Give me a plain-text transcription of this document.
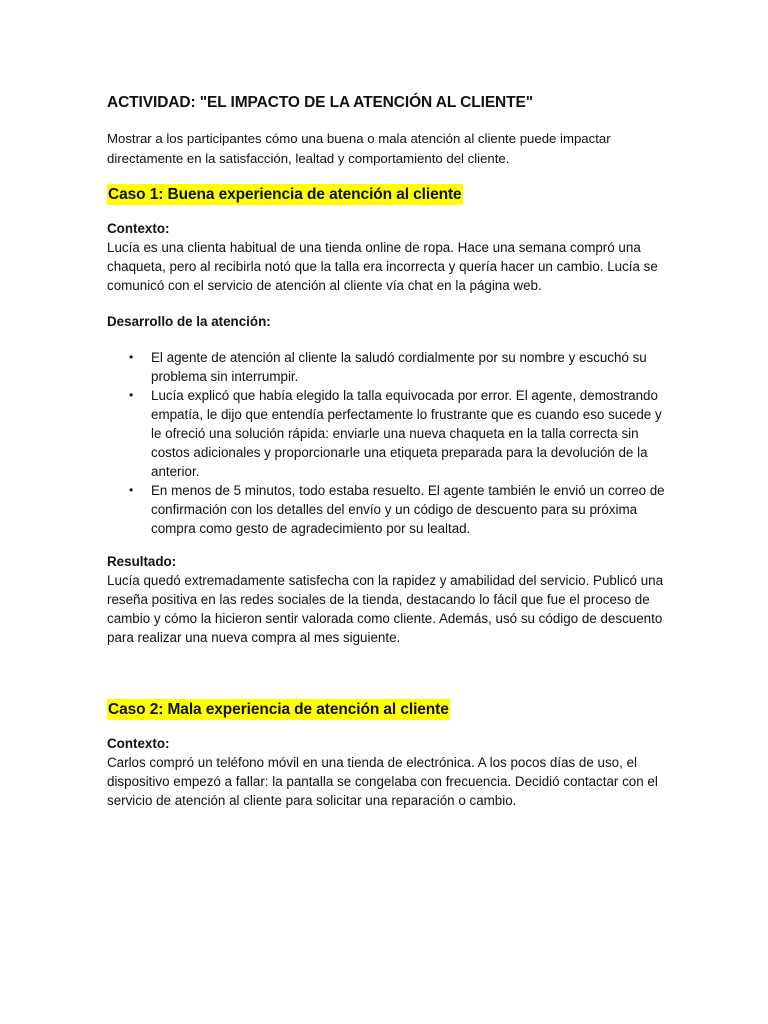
ACTIVIDAD: "EL IMPACTO DE LA ATENCIÓN AL CLIENTE"

Mostrar a los participantes cómo una buena o mala atención al cliente puede impactar directamente en la satisfacción, lealtad y comportamiento del cliente.

Caso 1: Buena experiencia de atención al cliente

Contexto:

Lucía es una clienta habitual de una tienda online de ropa. Hace una semana compró una chaqueta, pero al recibirla notó que la talla era incorrecta y quería hacer un cambio. Lucía se comunicó con el servicio de atención al cliente vía chat en la página web.

Desarrollo de la atención:

• El agente de atención al cliente la saludó cordialmente por su nombre y escuchó su problema sin interrumpir.
• Lucía explicó que había elegido la talla equivocada por error. El agente, demostrando empatía, le dijo que entendía perfectamente lo frustrante que es cuando eso sucede y le ofreció una solución rápida: enviarle una nueva chaqueta en la talla correcta sin costos adicionales y proporcionarle una etiqueta preparada para la devolución de la anterior.
• En menos de 5 minutos, todo estaba resuelto. El agente también le envió un correo de confirmación con los detalles del envío y un código de descuento para su próxima compra como gesto de agradecimiento por su lealtad.

Resultado:

Lucía quedó extremadamente satisfecha con la rapidez y amabilidad del servicio. Publicó una reseña positiva en las redes sociales de la tienda, destacando lo fácil que fue el proceso de cambio y cómo la hicieron sentir valorada como cliente. Además, usó su código de descuento para realizar una nueva compra al mes siguiente.

Caso 2: Mala experiencia de atención al cliente

Contexto:

Carlos compró un teléfono móvil en una tienda de electrónica. A los pocos días de uso, el dispositivo empezó a fallar: la pantalla se congelaba con frecuencia. Decidió contactar con el servicio de atención al cliente para solicitar una reparación o cambio.
